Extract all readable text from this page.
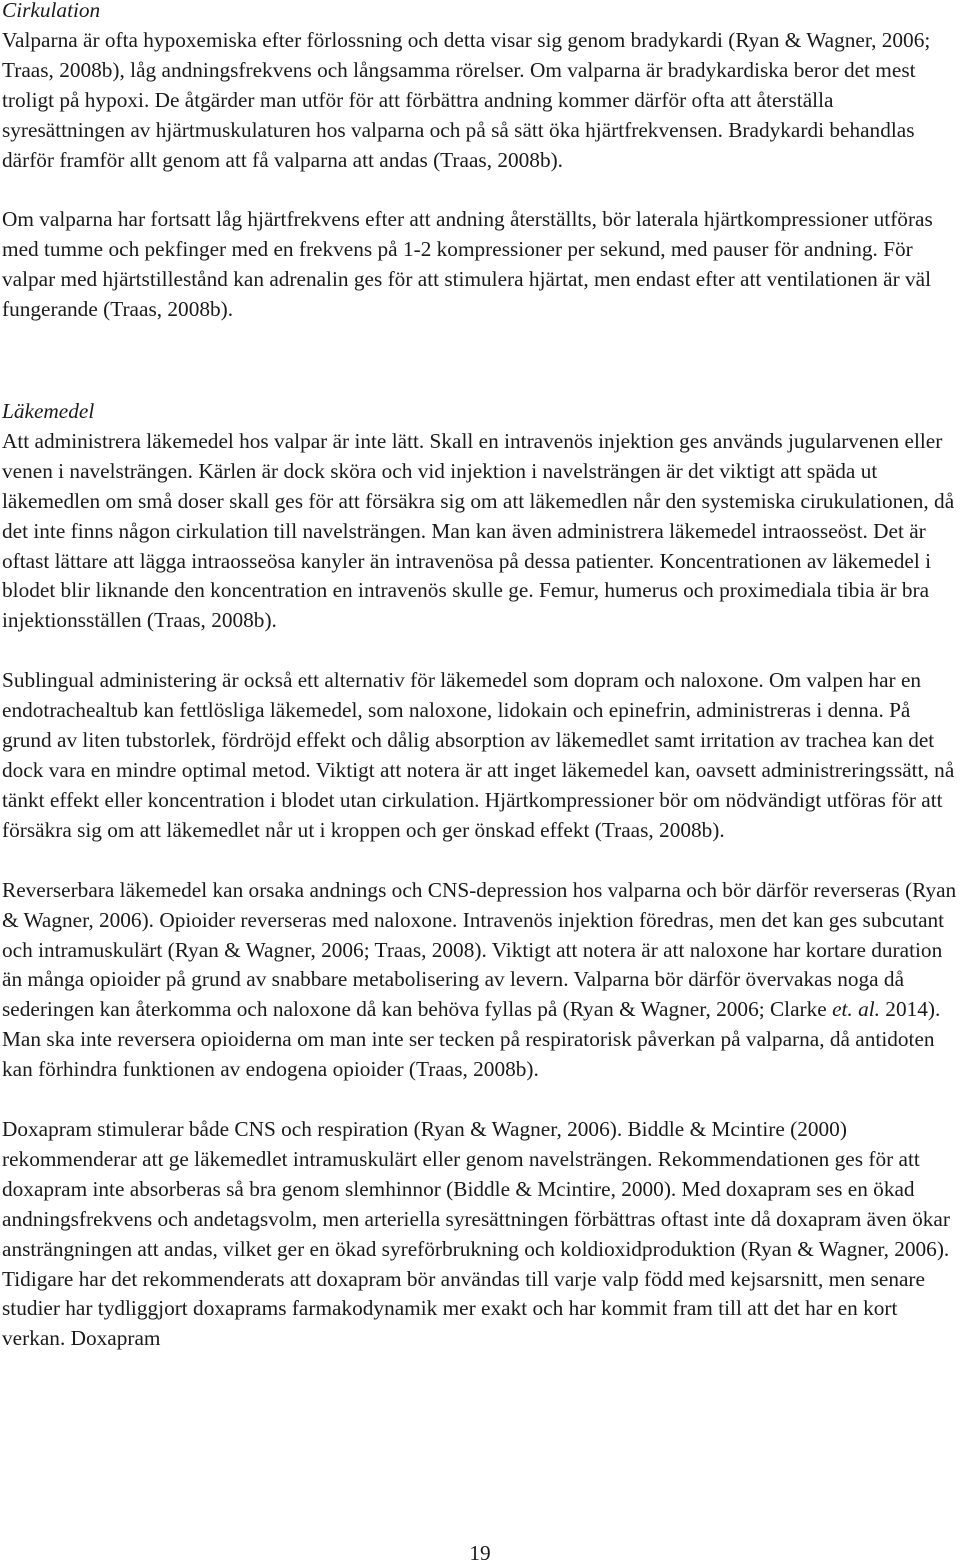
Cirkulation

Valparna är ofta hypoxemiska efter förlossning och detta visar sig genom bradykardi (Ryan & Wagner, 2006; Traas, 2008b), låg andningsfrekvens och långsamma rörelser. Om valparna är bradykardiska beror det mest troligt på hypoxi. De åtgärder man utför för att förbättra andning kommer därför ofta att återställa syresättningen av hjärtmuskulaturen hos valparna och på så sätt öka hjärtfrekvensen. Bradykardi behandlas därför framför allt genom att få valparna att andas (Traas, 2008b).

Om valparna har fortsatt låg hjärtfrekvens efter att andning återställts, bör laterala hjärtkompressioner utföras med tumme och pekfinger med en frekvens på 1-2 kompressioner per sekund, med pauser för andning. För valpar med hjärtstillestånd kan adrenalin ges för att stimulera hjärtat, men endast efter att ventilationen är väl fungerande (Traas, 2008b).

Läkemedel

Att administrera läkemedel hos valpar är inte lätt. Skall en intravenös injektion ges används jugularvenen eller venen i navelsträngen. Kärlen är dock sköra och vid injektion i navelsträngen är det viktigt att späda ut läkemedlen om små doser skall ges för att försäkra sig om att läkemedlen når den systemiska cirukulationen, då det inte finns någon cirkulation till navelsträngen. Man kan även administrera läkemedel intraosseöst. Det är oftast lättare att lägga intraosseösa kanyler än intravenösa på dessa patienter. Koncentrationen av läkemedel i blodet blir liknande den koncentration en intravenös skulle ge. Femur, humerus och proximediala tibia är bra injektionsställen (Traas, 2008b).

Sublingual administering är också ett alternativ för läkemedel som dopram och naloxone. Om valpen har en endotrachealtub kan fettlösliga läkemedel, som naloxone, lidokain och epinefrin, administreras i denna. På grund av liten tubstorlek, fördröjd effekt och dålig absorption av läkemedlet samt irritation av trachea kan det dock vara en mindre optimal metod. Viktigt att notera är att inget läkemedel kan, oavsett administreringssätt, nå tänkt effekt eller koncentration i blodet utan cirkulation. Hjärtkompressioner bör om nödvändigt utföras för att försäkra sig om att läkemedlet når ut i kroppen och ger önskad effekt (Traas, 2008b).

Reverserbara läkemedel kan orsaka andnings och CNS-depression hos valparna och bör därför reverseras (Ryan & Wagner, 2006). Opioider reverseras med naloxone. Intravenös injektion föredras, men det kan ges subcutant och intramuskulärt (Ryan & Wagner, 2006; Traas, 2008). Viktigt att notera är att naloxone har kortare duration än många opioider på grund av snabbare metabolisering av levern. Valparna bör därför övervakas noga då sederingen kan återkomma och naloxone då kan behöva fyllas på (Ryan & Wagner, 2006; Clarke et. al. 2014). Man ska inte reversera opioiderna om man inte ser tecken på respiratorisk påverkan på valparna, då antidoten kan förhindra funktionen av endogena opioider (Traas, 2008b).

Doxapram stimulerar både CNS och respiration (Ryan & Wagner, 2006). Biddle & Mcintire (2000) rekommenderar att ge läkemedlet intramuskulärt eller genom navelsträngen. Rekommendationen ges för att doxapram inte absorberas så bra genom slemhinnor (Biddle & Mcintire, 2000). Med doxapram ses en ökad andningsfrekvens och andetagsvolm, men arteriella syresättningen förbättras oftast inte då doxapram även ökar ansträngningen att andas, vilket ger en ökad syreförbrukning och koldioxidproduktion (Ryan & Wagner, 2006). Tidigare har det rekommenderats att doxapram bör användas till varje valp född med kejsarsnitt, men senare studier har tydliggjort doxaprams farmakodynamik mer exakt och har kommit fram till att det har en kort verkan. Doxapram

19
